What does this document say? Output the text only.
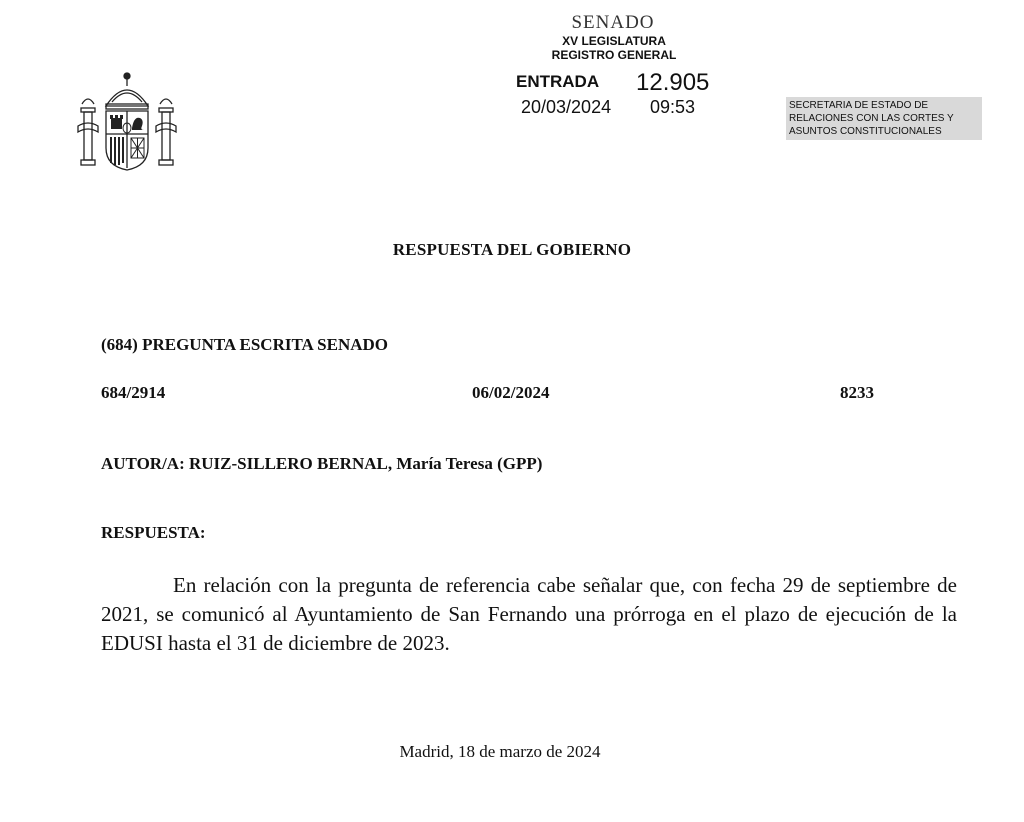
SENADO
XV LEGISLATURA
REGISTRO GENERAL
ENTRADA 12.905
20/03/2024 09:53	SECRETARIA DE ESTADO DE
RELACIONES CON LAS CORTES Y
ASUNTOS CONSTITUCIONALES
RESPUESTA DEL GOBIERNO
(684) PREGUNTA ESCRITA SENADO
684/2914	06/02/2024	8233
AUTOR/A: RUIZ-SILLERO BERNAL, María Teresa (GPP)
RESPUESTA:

En relación con la pregunta de referencia cabe señalar que, con fecha 29 de septiembre de 2021, se comunicó al Ayuntamiento de San Fernando una prórroga en el plazo de ejecución de la EDUSI hasta el 31 de diciembre de 2023.

Madrid, 18 de marzo de 2024
